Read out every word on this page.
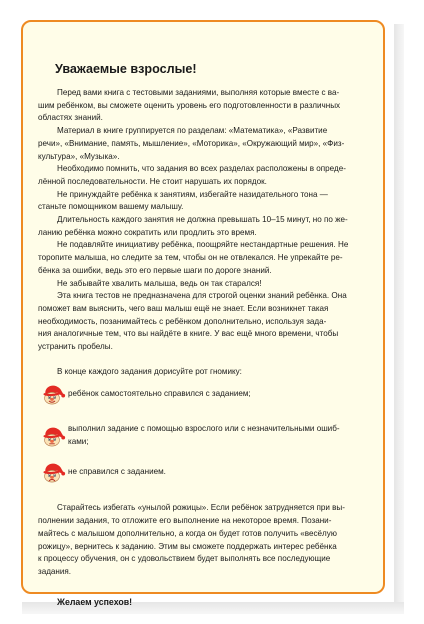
Уважаемые взрослые!
Перед вами книга с тестовыми заданиями, выполняя которые вместе с ва-
шим ребёнком, вы сможете оценить уровень его подготовленности в различных
областях знаний.
Материал в книге группируется по разделам: «Математика», «Развитие
речи», «Внимание, память, мышление», «Моторика», «Окружающий мир», «Физ-
культура», «Музыка».
Необходимо помнить, что задания во всех разделах расположены в опреде-
лённой последовательности. Не стоит нарушать их порядок.
Не принуждайте ребёнка к занятиям, избегайте назидательного тона —
станьте помощником вашему малышу.
Длительность каждого занятия не должна превышать 10–15 минут, но по же-
ланию ребёнка можно сократить или продлить это время.
Не подавляйте инициативу ребёнка, поощряйте нестандартные решения. Не
торопите малыша, но следите за тем, чтобы он не отвлекался. Не упрекайте ре-
бёнка за ошибки, ведь это его первые шаги по дороге знаний.
Не забывайте хвалить малыша, ведь он так старался!
Эта книга тестов не предназначена для строгой оценки знаний ребёнка. Она
поможет вам выяснить, чего ваш малыш ещё не знает. Если возникнет такая
необходимость, позанимайтесь с ребёнком дополнительно, используя зада-
ния аналогичные тем, что вы найдёте в книге. У вас ещё много времени, чтобы
устранить пробелы.
В конце каждого задания дорисуйте рот гномику:
ребёнок самостоятельно справился с заданием;
выполнил задание с помощью взрослого или с незначительными ошиб-
ками;
не справился с заданием.
Старайтесь избегать «унылой рожицы». Если ребёнок затрудняется при вы-
полнении задания, то отложите его выполнение на некоторое время. Позани-
майтесь с малышом дополнительно, а когда он будет готов получить «весёлую
рожицу», вернитесь к заданию. Этим вы сможете поддержать интерес ребёнка
к процессу обучения, он с удовольствием будет выполнять все последующие
задания.
Желаем успехов!
